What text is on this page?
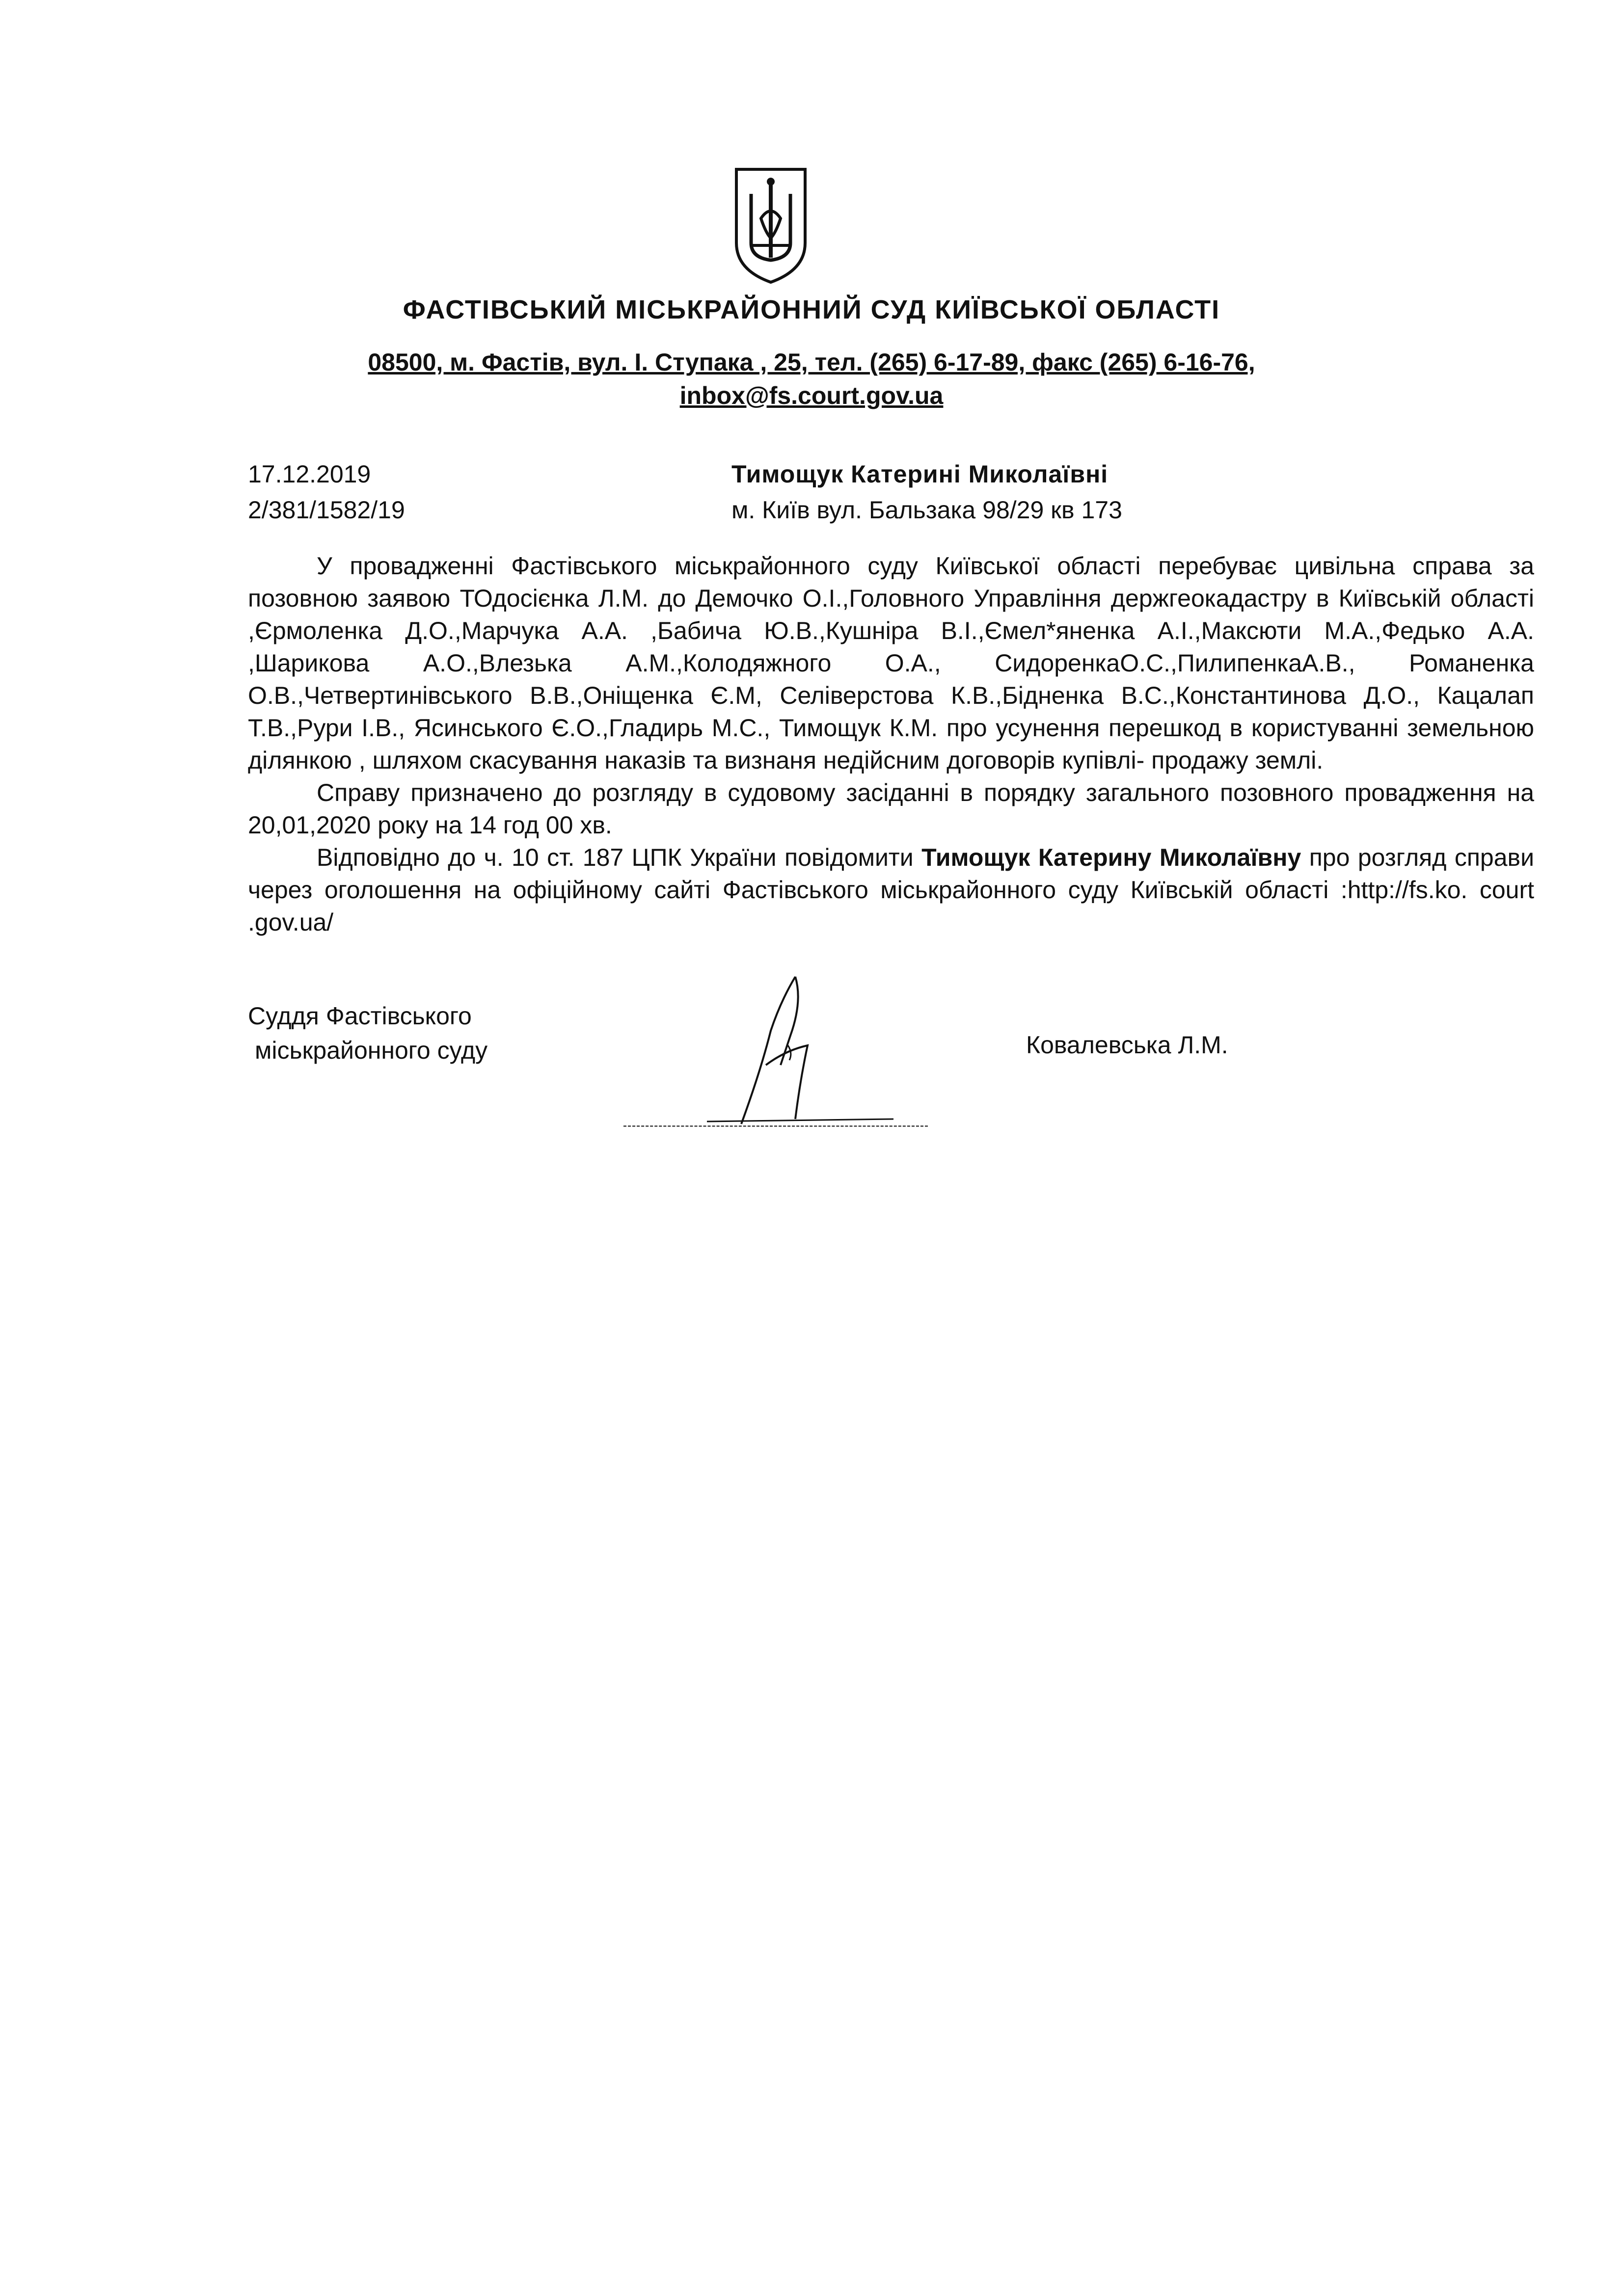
ФАСТІВСЬКИЙ МІСЬКРАЙОННИЙ СУД КИЇВСЬКОЇ ОБЛАСТІ
08500, м. Фастів, вул. І. Ступака , 25, тел. (265) 6-17-89, факс (265) 6-16-76,
inbox@fs.court.gov.ua
17.12.2019
2/381/1582/19
Тимощук Катерині Миколаївні
м. Київ вул. Бальзака 98/29 кв 173

У провадженні Фастівського міськрайонного суду Київської області перебуває цивільна справа за позовною заявою ТОдосієнка Л.М. до Демочко О.І.,Головного Управління держгеокадастру в Київській області ,Єрмоленка Д.О.,Марчука А.А. ,Бабича Ю.В.,Кушніра В.І.,Ємел*яненка А.І.,Максюти М.А.,Федько А.А. ,Шарикова А.О.,Влезька А.М.,Колодяжного О.А., СидоренкаО.С.,ПилипенкаА.В., Романенка О.В.,Четвертинівського В.В.,Оніщенка Є.М, Селіверстова К.В.,Бідненка В.С.,Константинова Д.О., Кацалап Т.В.,Рури І.В., Ясинського Є.О.,Гладирь М.С., Тимощук К.М. про усунення перешкод в користуванні земельною ділянкою , шляхом скасування наказів та визнаня недійсним договорів купівлі- продажу землі.

Справу призначено до розгляду в судовому засіданні в порядку загального позовного провадження на 20,01,2020 року на 14 год 00 хв.

Відповідно до ч. 10 ст. 187 ЦПК України повідомити Тимощук Катерину Миколаївну про розгляд справи через оголошення на офіційному сайті Фастівського міськрайонного суду Київській області :http://fs.ko. court .gov.ua/

Суддя Фастівського
міськрайонного суду	Ковалевська Л.М.
